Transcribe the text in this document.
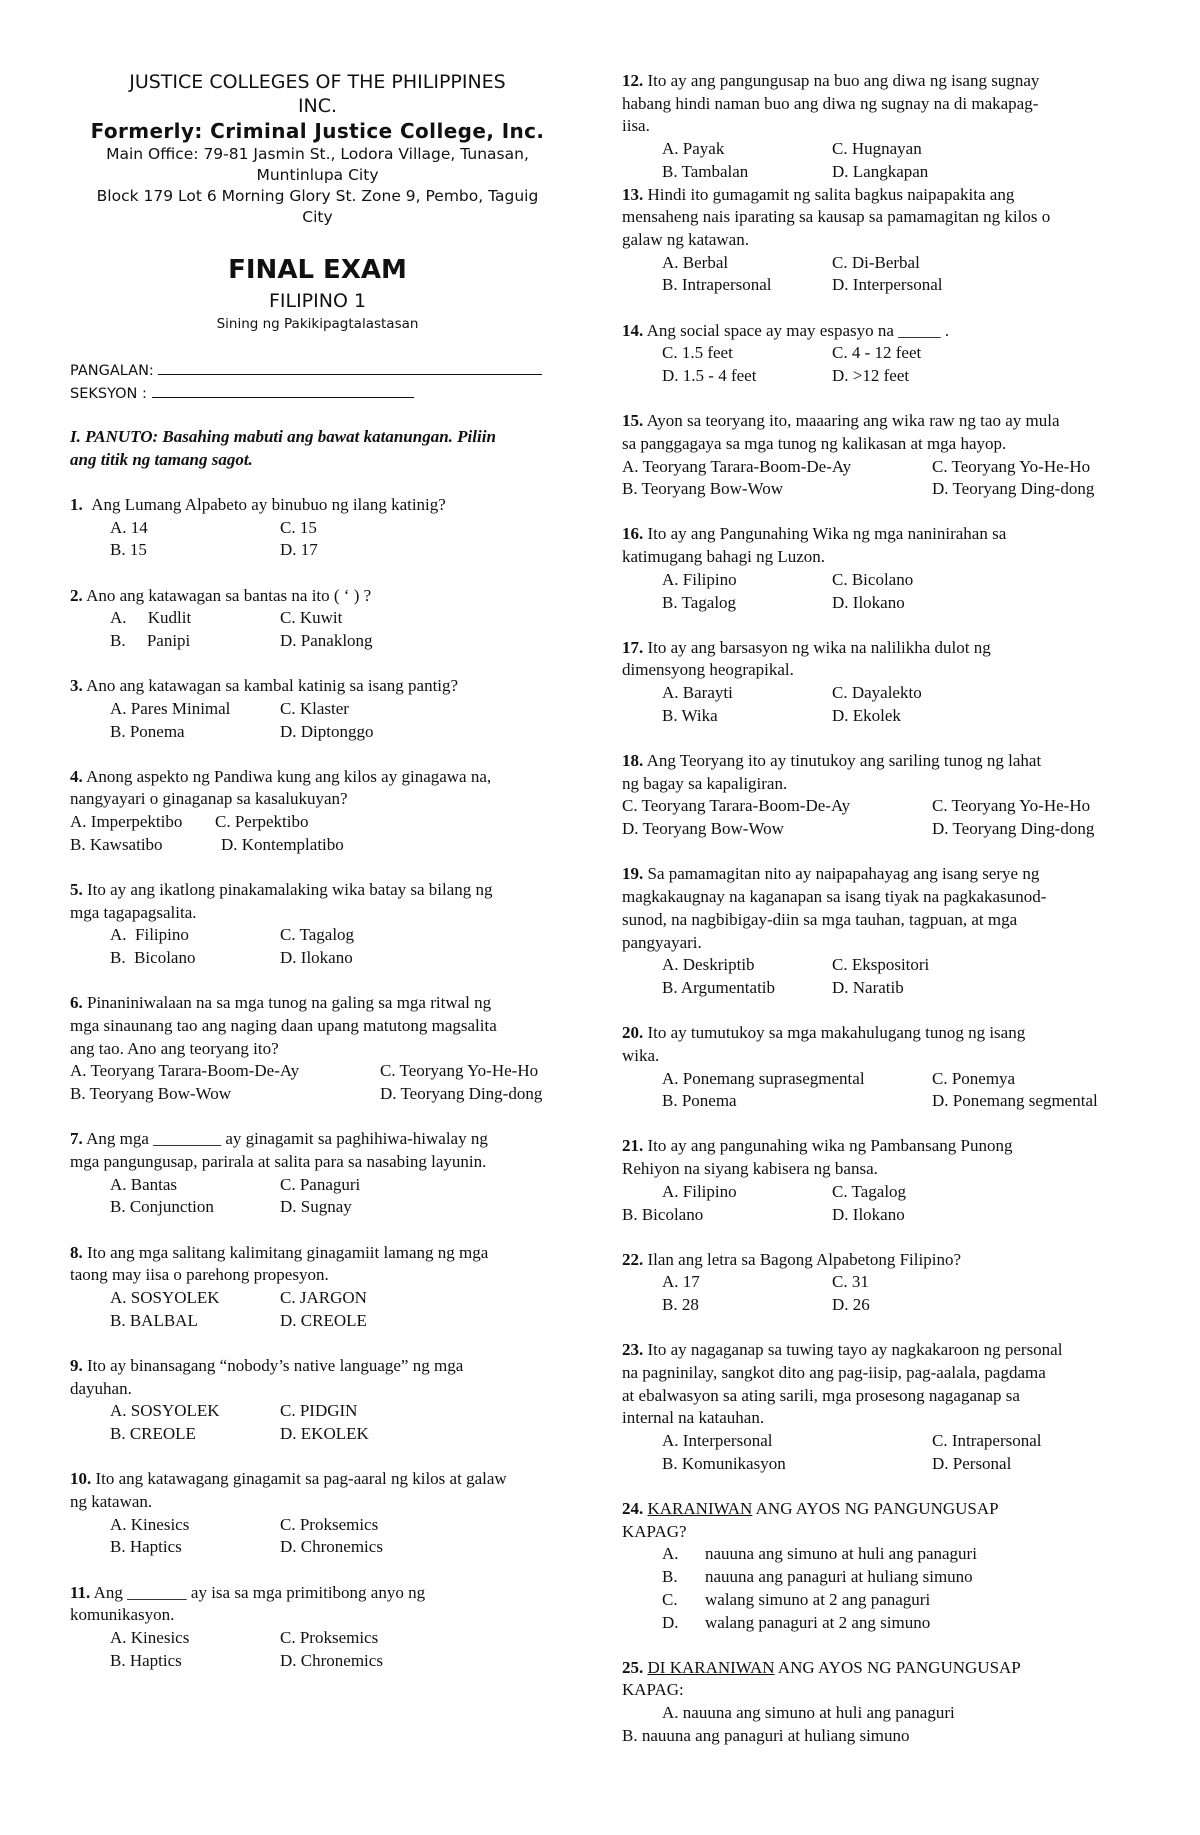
JUSTICE COLLEGES OF THE PHILIPPINES
INC.
Formerly: Criminal Justice College, Inc.
Main Office: 79-81 Jasmin St., Lodora Village, Tunasan,
Muntinlupa City
Block 179 Lot 6 Morning Glory St. Zone 9, Pembo, Taguig
City
FINAL EXAM
FILIPINO 1
Sining ng Pakikipagtalastasan
PANGALAN:
SEKSYON :
I. PANUTO: Basahing mabuti ang bawat katanungan. Piliin
ang titik ng tamang sagot.
1. Ang Lumang Alpabeto ay binubuo ng ilang katinig?
A. 14	C. 15
B. 15	D. 17
2. Ano ang katawagan sa bantas na ito ( ‘ ) ?
A.     Kudlit	C. Kuwit
B.     Panipi	D. Panaklong
3. Ano ang katawagan sa kambal katinig sa isang pantig?
A. Pares Minimal	C. Klaster
B. Ponema	D. Diptonggo
4. Anong aspekto ng Pandiwa kung ang kilos ay ginagawa na,
nangyayari o ginaganap sa kasalukuyan?
A. Imperpektibo	C. Perpektibo
B. Kawsatibo	D. Kontemplatibo
5. Ito ay ang ikatlong pinakamalaking wika batay sa bilang ng
mga tagapagsalita.
A.  Filipino	C. Tagalog
B.  Bicolano	D. Ilokano
6. Pinaniniwalaan na sa mga tunog na galing sa mga ritwal ng
mga sinaunang tao ang naging daan upang matutong magsalita
ang tao. Ano ang teoryang ito?
A. Teoryang Tarara-Boom-De-Ay	C. Teoryang Yo-He-Ho
B. Teoryang Bow-Wow	D. Teoryang Ding-dong
7. Ang mga ________ ay ginagamit sa paghihiwa-hiwalay ng
mga pangungusap, parirala at salita para sa nasabing layunin.
A. Bantas	C. Panaguri
B. Conjunction	D. Sugnay
8. Ito ang mga salitang kalimitang ginagamiit lamang ng mga
taong may iisa o parehong propesyon.
A. SOSYOLEK	C. JARGON
B. BALBAL	D. CREOLE
9. Ito ay binansagang “nobody’s native language” ng mga
dayuhan.
A. SOSYOLEK	C. PIDGIN
B. CREOLE	D. EKOLEK
10. Ito ang katawagang ginagamit sa pag-aaral ng kilos at galaw
ng katawan.
A. Kinesics	C. Proksemics
B. Haptics	D. Chronemics
11. Ang _______ ay isa sa mga primitibong anyo ng
komunikasyon.
A. Kinesics	C. Proksemics
B. Haptics	D. Chronemics
12. Ito ay ang pangungusap na buo ang diwa ng isang sugnay
habang hindi naman buo ang diwa ng sugnay na di makapag-
iisa.
A. Payak	C. Hugnayan
B. Tambalan	D. Langkapan
13. Hindi ito gumagamit ng salita bagkus naipapakita ang
mensaheng nais iparating sa kausap sa pamamagitan ng kilos o
galaw ng katawan.
A. Berbal	C. Di-Berbal
B. Intrapersonal	D. Interpersonal
14. Ang social space ay may espasyo na _____ .
C. 1.5 feet	C. 4 - 12 feet
D. 1.5 - 4 feet	D. >12 feet
15. Ayon sa teoryang ito, maaaring ang wika raw ng tao ay mula
sa panggagaya sa mga tunog ng kalikasan at mga hayop.
A. Teoryang Tarara-Boom-De-Ay	C. Teoryang Yo-He-Ho
B. Teoryang Bow-Wow	D. Teoryang Ding-dong
16. Ito ay ang Pangunahing Wika ng mga naninirahan sa
katimugang bahagi ng Luzon.
A. Filipino	C. Bicolano
B. Tagalog	D. Ilokano
17. Ito ay ang barsasyon ng wika na nalilikha dulot ng
dimensyong heograpikal.
A. Barayti	C. Dayalekto
B. Wika	D. Ekolek
18. Ang Teoryang ito ay tinutukoy ang sariling tunog ng lahat
ng bagay sa kapaligiran.
C. Teoryang Tarara-Boom-De-Ay	C. Teoryang Yo-He-Ho
D. Teoryang Bow-Wow	D. Teoryang Ding-dong
19. Sa pamamagitan nito ay naipapahayag ang isang serye ng
magkakaugnay na kaganapan sa isang tiyak na pagkakasunod-
sunod, na nagbibigay-diin sa mga tauhan, tagpuan, at mga
pangyayari.
A. Deskriptib	C. Ekspositori
B. Argumentatib	D. Naratib
20. Ito ay tumutukoy sa mga makahulugang tunog ng isang
wika.
A. Ponemang suprasegmental	C. Ponemya
B. Ponema	D. Ponemang segmental
21. Ito ay ang pangunahing wika ng Pambansang Punong
Rehiyon na siyang kabisera ng bansa.
A. Filipino	C. Tagalog
B. Bicolano	D. Ilokano
22. Ilan ang letra sa Bagong Alpabetong Filipino?
A. 17	C. 31
B. 28	D. 26
23. Ito ay nagaganap sa tuwing tayo ay nagkakaroon ng personal
na pagninilay, sangkot dito ang pag-iisip, pag-aalala, pagdama
at ebalwasyon sa ating sarili, mga prosesong nagaganap sa
internal na katauhan.
A. Interpersonal	C. Intrapersonal
B. Komunikasyon	D. Personal
24. KARANIWAN ANG AYOS NG PANGUNGUSAP
KAPAG?
A.	nauuna ang simuno at huli ang panaguri
B.	nauuna ang panaguri at huliang simuno
C.	walang simuno at 2 ang panaguri
D.	walang panaguri at 2 ang simuno
25. DI KARANIWAN ANG AYOS NG PANGUNGUSAP
KAPAG:
A. nauuna ang simuno at huli ang panaguri
B. nauuna ang panaguri at huliang simuno
